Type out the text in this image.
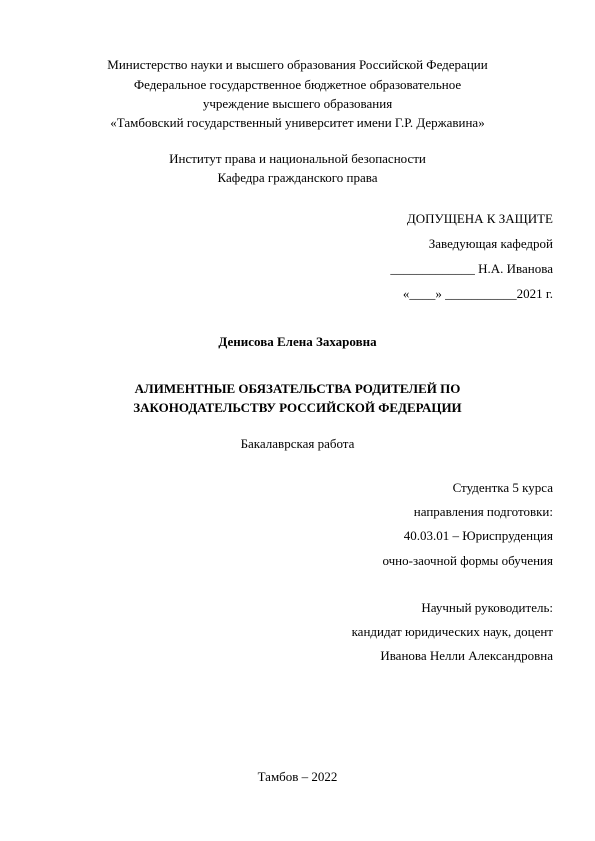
Министерство науки и высшего образования Российской Федерации
Федеральное государственное бюджетное образовательное
учреждение высшего образования
«Тамбовский государственный университет имени Г.Р. Державина»
Институт права и национальной безопасности
Кафедра гражданского права
ДОПУЩЕНА К ЗАЩИТЕ
Заведующая кафедрой
_____________ Н.А. Иванова
«____» ___________2021 г.
Денисова Елена Захаровна
АЛИМЕНТНЫЕ ОБЯЗАТЕЛЬСТВА РОДИТЕЛЕЙ ПО
ЗАКОНОДАТЕЛЬСТВУ РОССИЙСКОЙ ФЕДЕРАЦИИ
Бакалаврская работа
Студентка 5 курса
направления подготовки:
40.03.01 – Юриспруденция
очно-заочной формы обучения
Научный руководитель:
кандидат юридических наук, доцент
Иванова Нелли Александровна
Тамбов – 2022
